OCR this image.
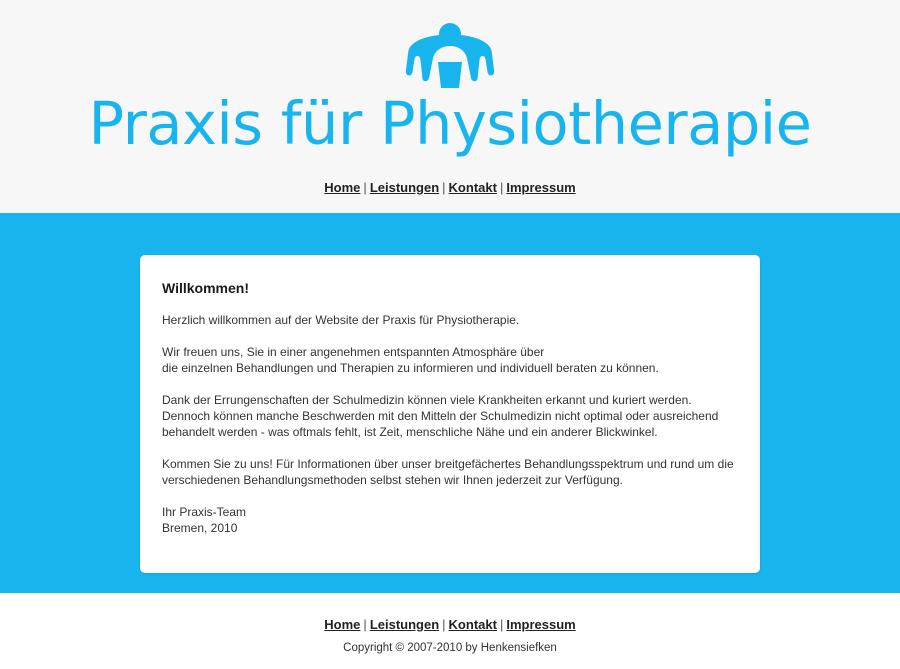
Praxis für Physiotherapie
Home | Leistungen | Kontakt | Impressum
Willkommen!

Herzlich willkommen auf der Website der Praxis für Physiotherapie.

Wir freuen uns, Sie in einer angenehmen entspannten Atmosphäre über
die einzelnen Behandlungen und Therapien zu informieren und individuell beraten zu können.

Dank der Errungenschaften der Schulmedizin können viele Krankheiten erkannt und kuriert werden.
Dennoch können manche Beschwerden mit den Mitteln der Schulmedizin nicht optimal oder ausreichend
behandelt werden - was oftmals fehlt, ist Zeit, menschliche Nähe und ein anderer Blickwinkel.

Kommen Sie zu uns! Für Informationen über unser breitgefächertes Behandlungsspektrum und rund um die
verschiedenen Behandlungsmethoden selbst stehen wir Ihnen jederzeit zur Verfügung.

Ihr Praxis-Team
Bremen, 2010

Home | Leistungen | Kontakt | Impressum
Copyright © 2007-2010 by Henkensiefken
